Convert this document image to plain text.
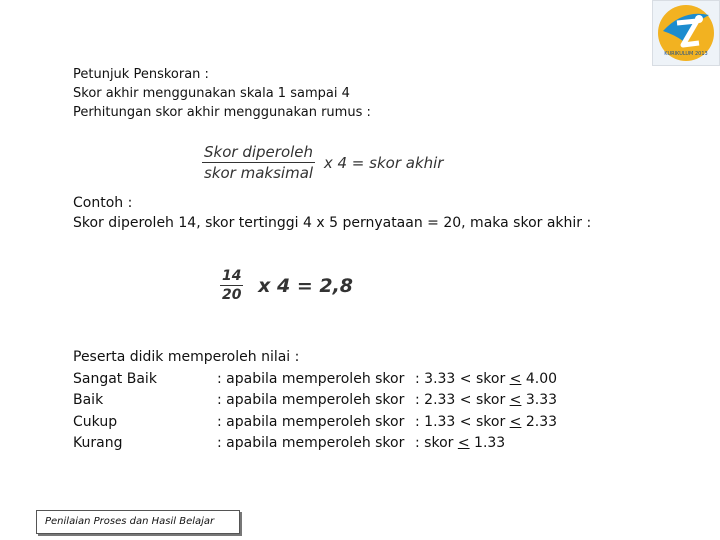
KURIKULUM 2013
Petunjuk Penskoran :
Skor akhir menggunakan skala 1 sampai 4
Perhitungan skor akhir menggunakan rumus :
$\frac{\text{Skor diperoleh}}{\text{skor maksimal}}$ x 4 = skor akhir
Contoh :
Skor diperoleh 14, skor tertinggi 4 x 5 pernyataan = 20, maka skor akhir :
$\frac{14}{20}$ x 4 = 2,8
Peserta didik memperoleh nilai :
Sangat Baik	: apabila memperoleh skor : 3.33 < skor ≤ 4.00
Baik	: apabila memperoleh skor : 2.33 < skor ≤ 3.33
Cukup	: apabila memperoleh skor : 1.33 < skor ≤ 2.33
Kurang	: apabila memperoleh skor : skor ≤ 1.33
Penilaian Proses dan Hasil Belajar
